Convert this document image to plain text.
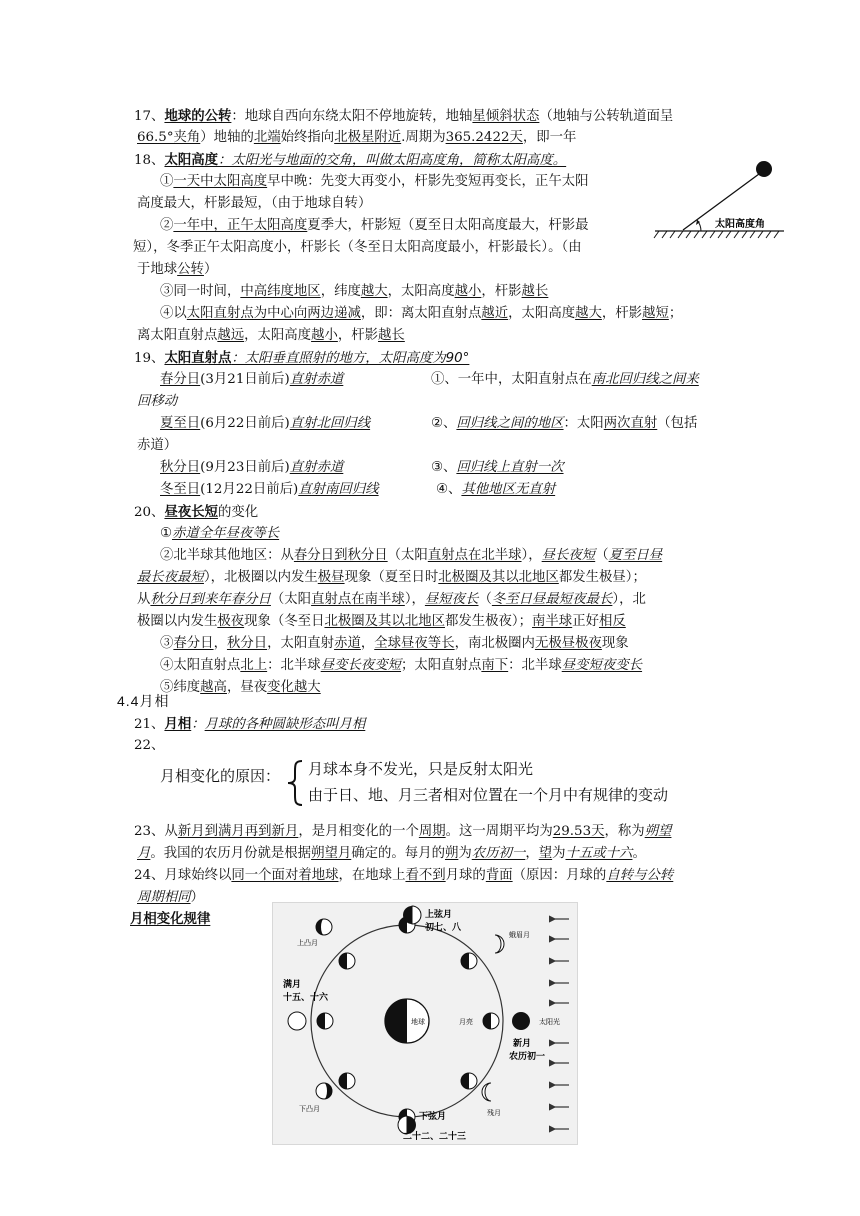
17、地球的公转：地球自西向东绕太阳不停地旋转，地轴星倾斜状态（地轴与公转轨道面呈
66.5°夹角）地轴的北端始终指向北极星附近.周期为365.2422天，即一年
18、太阳高度：太阳光与地面的交角，叫做太阳高度角，简称太阳高度。
①一天中太阳高度早中晚：先变大再变小，杆影先变短再变长，正午太阳
高度最大，杆影最短，（由于地球自转）
②一年中，正午太阳高度夏季大，杆影短（夏至日太阳高度最大，杆影最
短），冬季正午太阳高度小，杆影长（冬至日太阳高度最小，杆影最长）。（由
于地球公转）
③同一时间，中高纬度地区，纬度越大，太阳高度越小，杆影越长
④以太阳直射点为中心向两边递减，即：离太阳直射点越近，太阳高度越大，杆影越短；
离太阳直射点越远，太阳高度越小，杆影越长
太阳高度角
19、太阳直射点：太阳垂直照射的地方，太阳高度为90°
春分日(3月21日前后)直射赤道	①、一年中，太阳直射点在南北回归线之间来
回移动
夏至日(6月22日前后)直射北回归线	②、回归线之间的地区：太阳两次直射（包括
赤道）
秋分日(9月23日前后)直射赤道	③、回归线上直射一次
冬至日(12月22日前后)直射南回归线	④、其他地区无直射
20、昼夜长短的变化
①赤道全年昼夜等长
②北半球其他地区：从春分日到秋分日（太阳直射点在北半球），昼长夜短（夏至日昼
最长夜最短），北极圈以内发生极昼现象（夏至日时北极圈及其以北地区都发生极昼）；
从秋分日到来年春分日（太阳直射点在南半球），昼短夜长（冬至日昼最短夜最长），北
极圈以内发生极夜现象（冬至日北极圈及其以北地区都发生极夜）；南半球正好相反
③春分日，秋分日，太阳直射赤道，全球昼夜等长，南北极圈内无极昼极夜现象
④太阳直射点北上：北半球昼变长夜变短；太阳直射点南下：北半球昼变短夜变长
⑤纬度越高，昼夜变化越大
4.4月相
21、月相：月球的各种圆缺形态叫月相
22、
月相变化的原因： 月球本身不发光，只是反射太阳光
由于日、地、月三者相对位置在一个月中有规律的变动
23、从新月到满月再到新月，是月相变化的一个周期。这一周期平均为29.53天，称为朔望
月。我国的农历月份就是根据朔望月确定的。每月的朔为农历初一，望为十五或十六。
24、月球始终以同一个面对着地球，在地球上看不到月球的背面（原因：月球的自转与公转
周期相同）
月相变化规律
地球	太阳光
月亮
新月
农历初一
上弦月
初七、八
蛾眉月
上凸月
满月
十五、十六
下凸月	残月
下弦月
二十二、二十三
